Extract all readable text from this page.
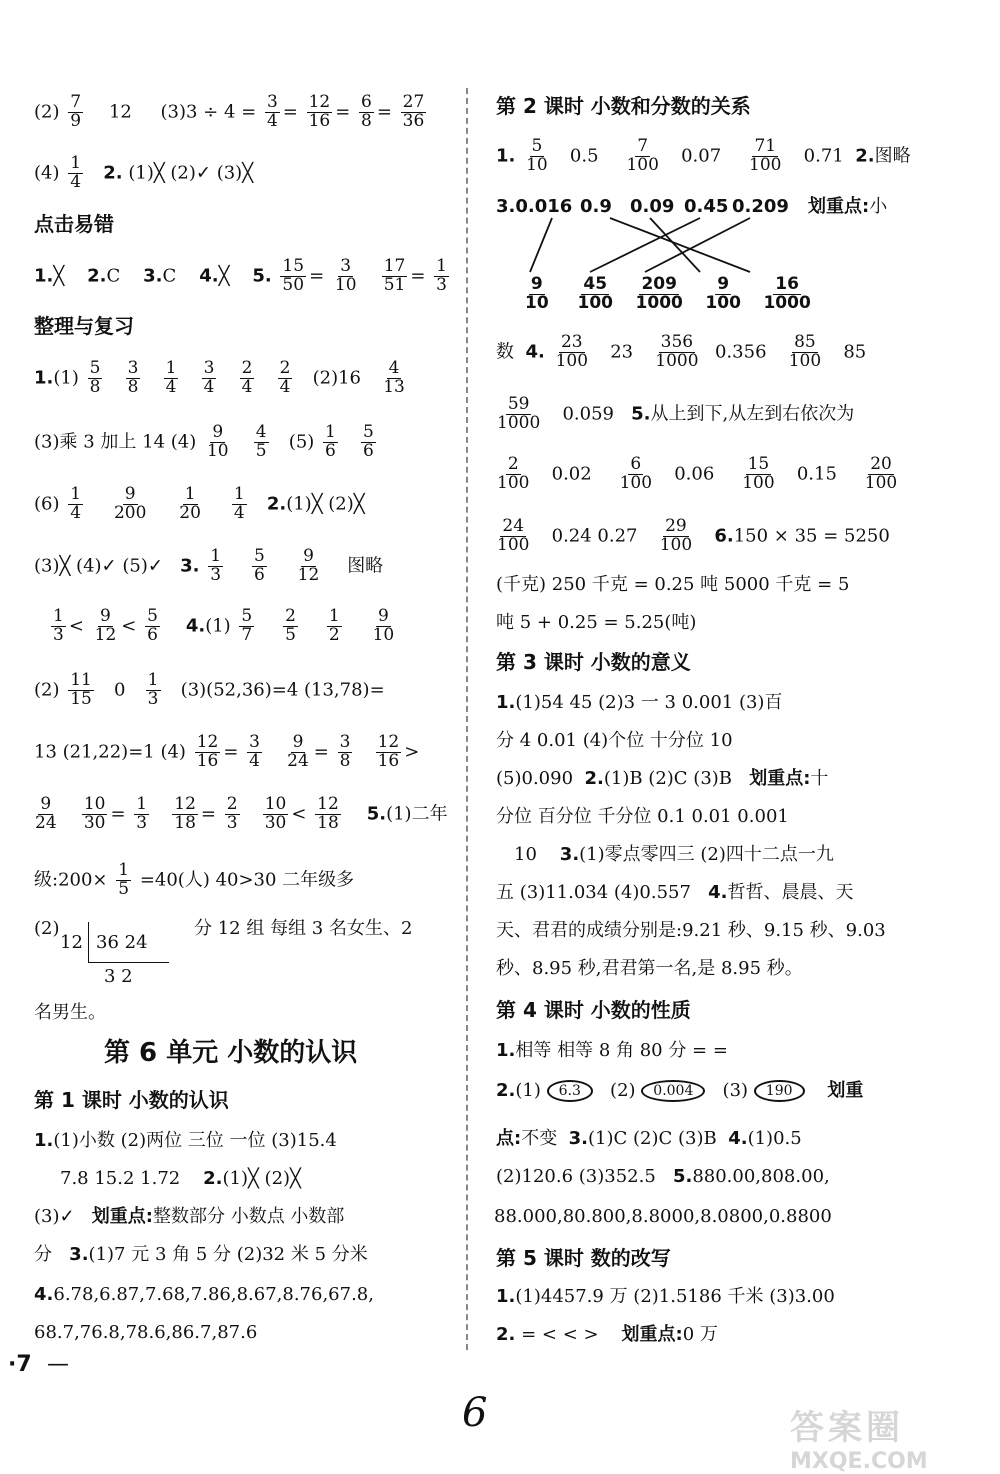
$(2) \frac{7}{9} 12$ $(3)3 \div 4 = \frac{3}{4} = \frac{12}{16} = \frac{6}{8} = \frac{27}{36}$
$(4) \frac{1}{4} 2$. (1)╳ (2)✓ (3)╳
点击易错
1.╳ 2.C 3.C 4.╳ 5. $\frac{15}{50} = \frac{3}{10}$
$\frac{17}{51} = \frac{1}{3}$
整理与复习
$1.(1) \frac{5}{8}$
$\frac{3}{8}$
$\frac{1}{4}$
$\frac{3}{4}$
$\frac{2}{4}$
$\frac{2}{4} (2)16 \frac{4}{13}$
(3)乘 3 加上 14 $(4) \frac{9}{10}$
$\frac{4}{5} (5) \frac{1}{6}$
$\frac{5}{6}$
$(6) \frac{1}{4}$
$\frac{9}{200}$
$\frac{1}{20}$
$\frac{1}{4}$ 2.(1)╳ (2)╳
(3)╳ (4)✓ (5)✓ 3. $\frac{1}{3}$
$\frac{5}{6}$
$\frac{9}{12}$ 图略
$\frac{1}{3} < \frac{9}{12} < \frac{5}{6} 4.(1) \frac{5}{7}$
$\frac{2}{5}$
$\frac{1}{2}$
$\frac{9}{10}$
$(2) \frac{11}{15} 0 \frac{1}{3} (3)(52,36)=4$ (13,78)=
13 (21,22)=1 $(4) \frac{12}{16} = \frac{3}{4}$
$\frac{9}{24} = \frac{3}{8}$
$\frac{12}{16}$ >
$\frac{9}{24}$
$\frac{10}{30} = \frac{1}{3}$
$\frac{12}{18} = \frac{2}{3}$
$\frac{10}{30} < \frac{12}{18} 5.(1)$二年
级:200× $\frac{1}{5} =40$(人) 40>30 二年级多
(2)
12 36 24
3 2
分 12 组 每组 3 名女生、2
名男生。
第 6 单元 小数的认识
第 1 课时 小数的认识
1.(1)小数 (2)两位 三位 一位 (3)15.4
7.8 15.2 1.72 2.(1)╳ (2)╳
(3)✓ 划重点:整数部分 小数点 小数部
分 3.(1)7 元 3 角 5 分 (2)32 米 5 分米
4.6.78,6.87,7.68,7.86,8.67,8.76,67.8,
68.7,76.8,78.6,86.7,87.6
第 2 课时 小数和分数的关系
1. $\frac{5}{10} 0.5 \frac{7}{100} 0.07 \frac{71}{100} 0.71$ 2.图略
3.0.016 0.9 0.09 0.45 0.209 划重点:小
$\frac{9}{10}$
$\frac{45}{100}$
$\frac{209}{1000}$
$\frac{9}{100}$
$\frac{16}{1000}$
数 4. $\frac{23}{100} 23 \frac{356}{1000} 0.356 \frac{85}{100} 85$
$\frac{59}{1000} 0.059$ 5.从上到下,从左到右依次为
$\frac{2}{100} 0.02 \frac{6}{100} 0.06 \frac{15}{100} 0.15 \frac{20}{100}$
$\frac{24}{100} 0.24$ $0.27 \frac{29}{100} 6.150 \times 35 = 5250$
(千克) 250 千克 = 0.25 吨 5000 千克 = 5
吨 5 + 0.25 = 5.25(吨)
第 3 课时 小数的意义
1.(1)54 45 (2)3 一 3 0.001 (3)百
分 4 0.01 (4)个位 十分位 10
(5)0.090 2.(1)B (2)C (3)B 划重点:十
分位 百分位 千分位 0.1 0.01 0.001
10 3.(1)零点零四三 (2)四十二点一九
五 (3)11.034 (4)0.557 4.哲哲、晨晨、天
天、君君的成绩分别是:9.21 秒、9.15 秒、9.03
秒、8.95 秒,君君第一名,是 8.95 秒。
第 4 课时 小数的性质
1.相等 相等 8 角 80 分 = =
2.(1) 6.3 (2) 0.004 (3) 190 划重
点:不变 3.(1)C (2)C (3)B 4.(1)0.5
(2)120.6 (3)352.5 5.880.00,808.00,
88.000,80.800,8.8000,8.0800,0.8800
第 5 课时 数的改写
1.(1)4457.9 万 (2)1.5186 千米 (3)3.00
2. = < < > 划重点:0 万
·7 —
6	答案圈
MXQE.COM
